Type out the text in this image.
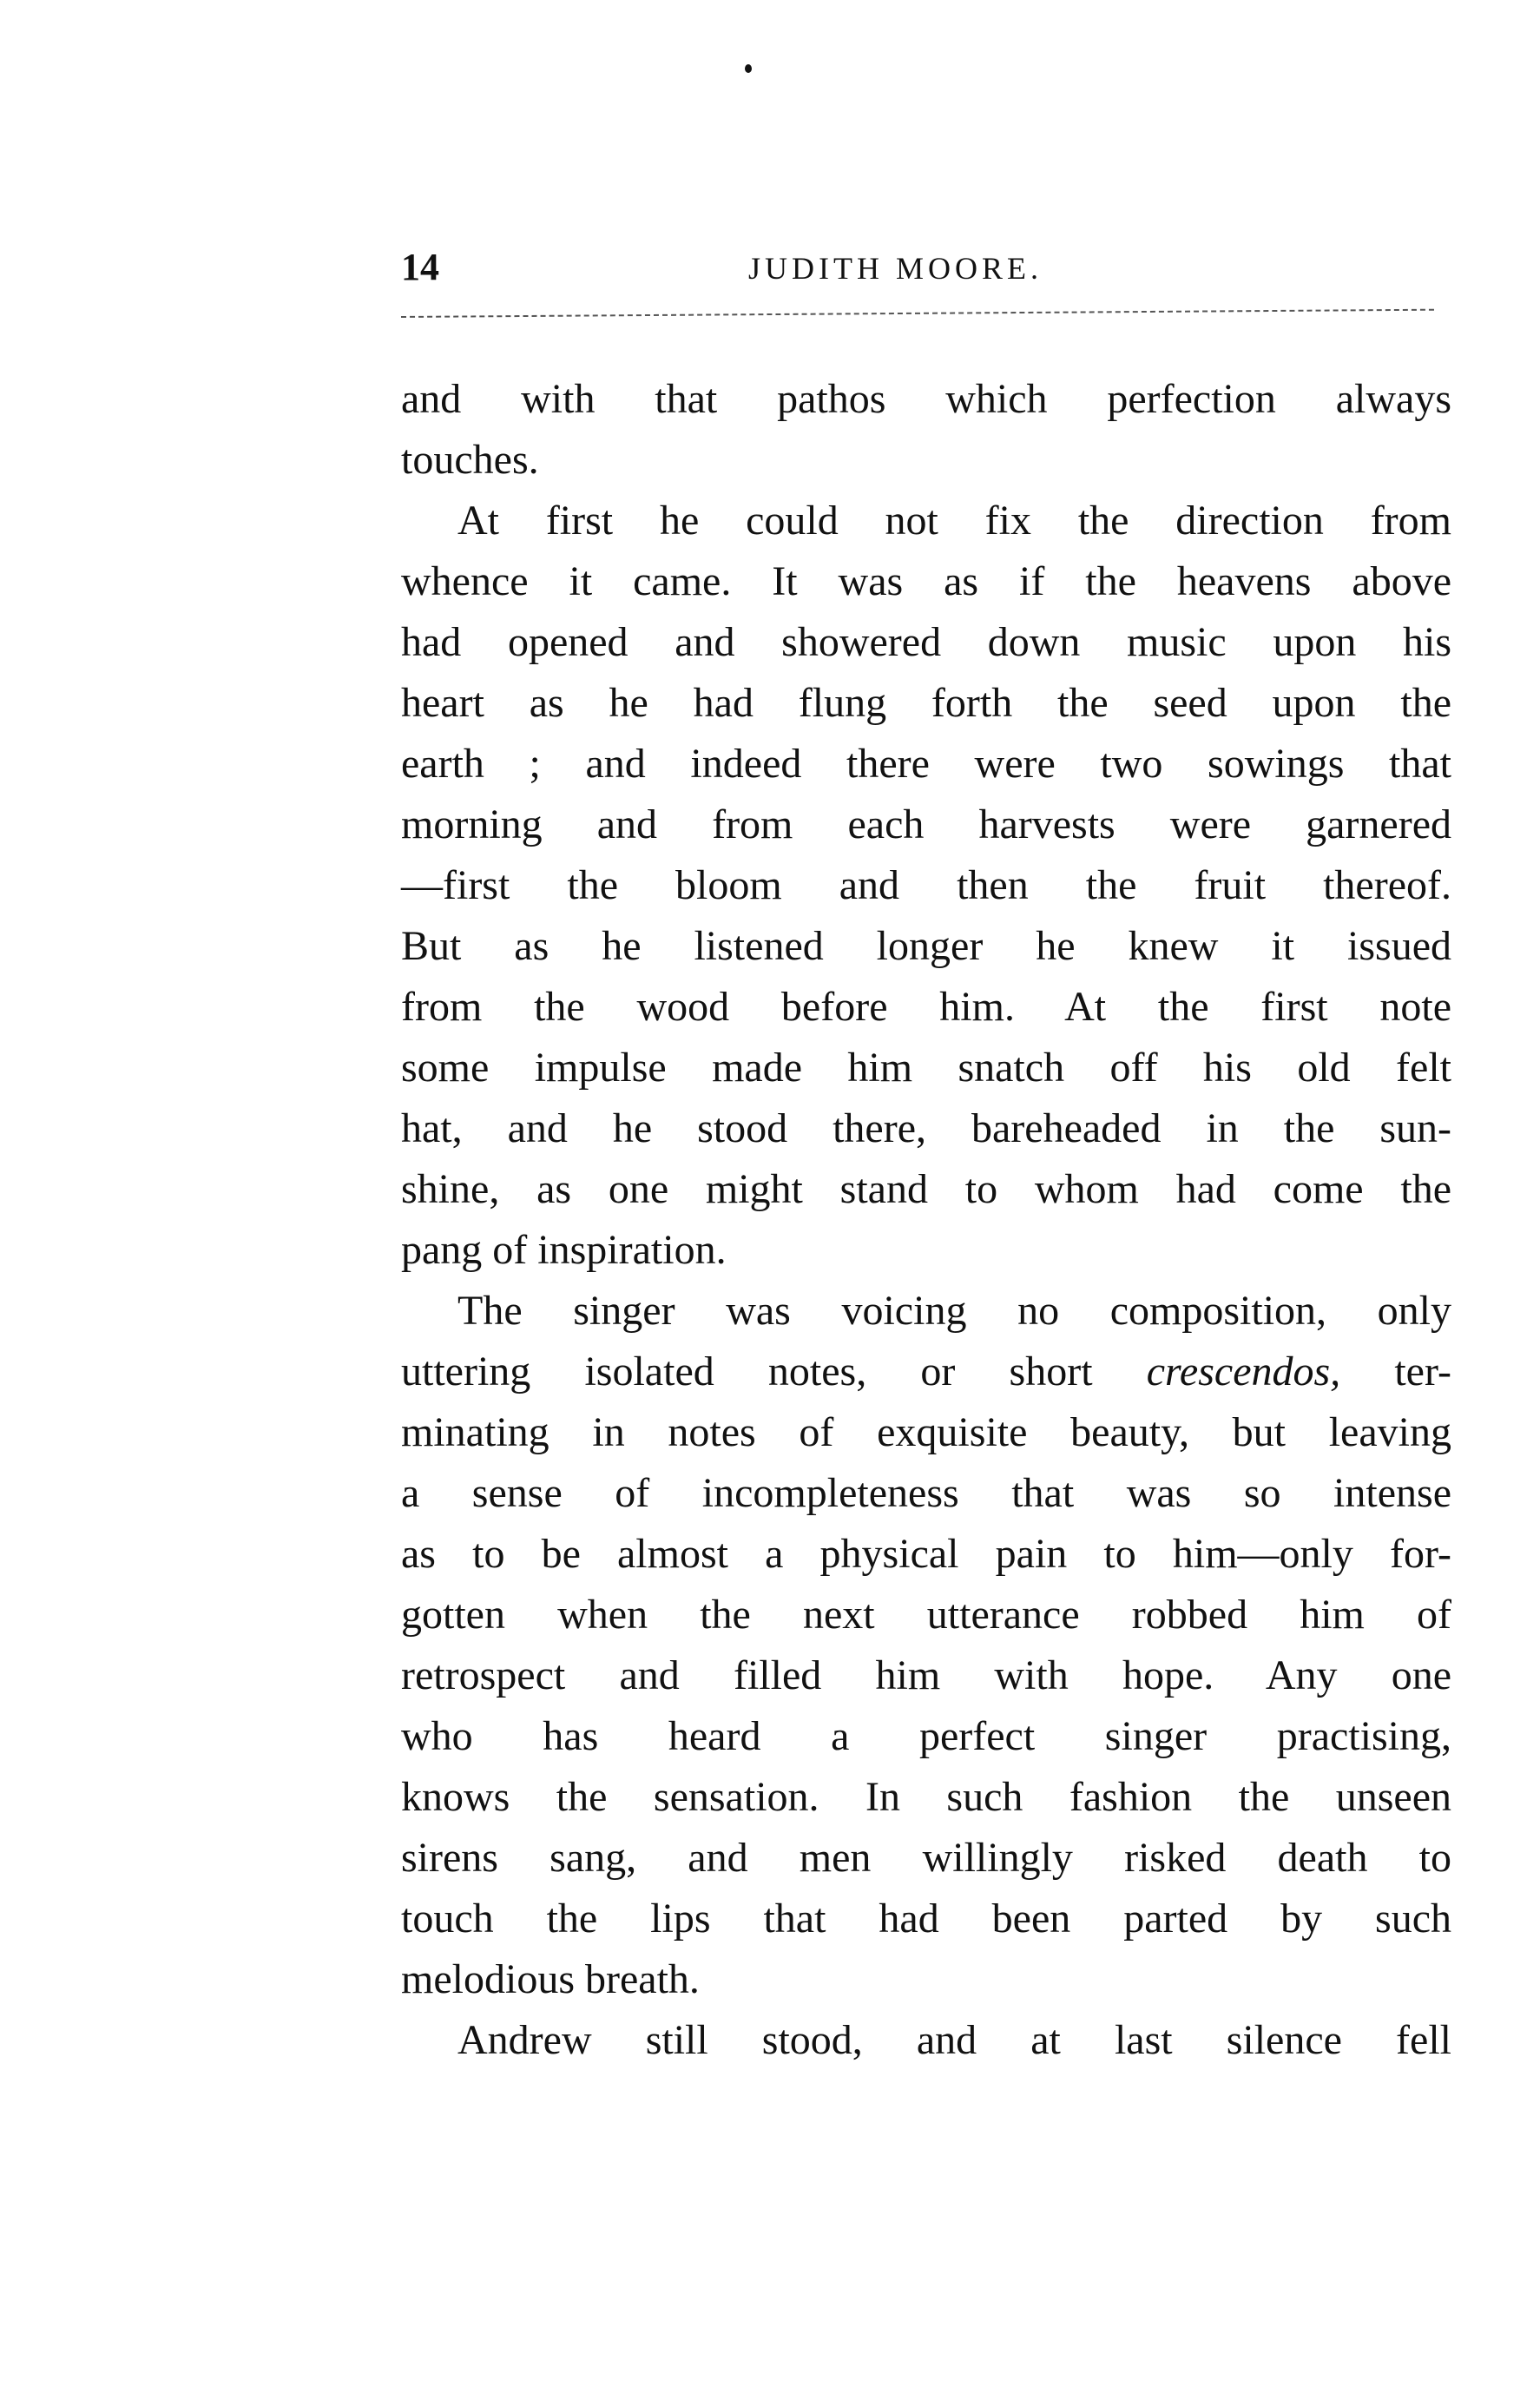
14	JUDITH MOORE.
and with that pathos which perfection always
touches.
At first he could not fix the direction from
whence it came. It was as if the heavens above
had opened and showered down music upon his
heart as he had flung forth the seed upon the
earth ; and indeed there were two sowings that
morning and from each harvests were garnered
—first the bloom and then the fruit thereof.
But as he listened longer he knew it issued
from the wood before him. At the first note
some impulse made him snatch off his old felt
hat, and he stood there, bareheaded in the sun-
shine, as one might stand to whom had come the
pang of inspiration.
The singer was voicing no composition, only
uttering isolated notes, or short crescendos, ter-
minating in notes of exquisite beauty, but leaving
a sense of incompleteness that was so intense
as to be almost a physical pain to him—only for-
gotten when the next utterance robbed him of
retrospect and filled him with hope. Any one
who has heard a perfect singer practising,
knows the sensation. In such fashion the unseen
sirens sang, and men willingly risked death to
touch the lips that had been parted by such
melodious breath.
Andrew still stood, and at last silence fell
